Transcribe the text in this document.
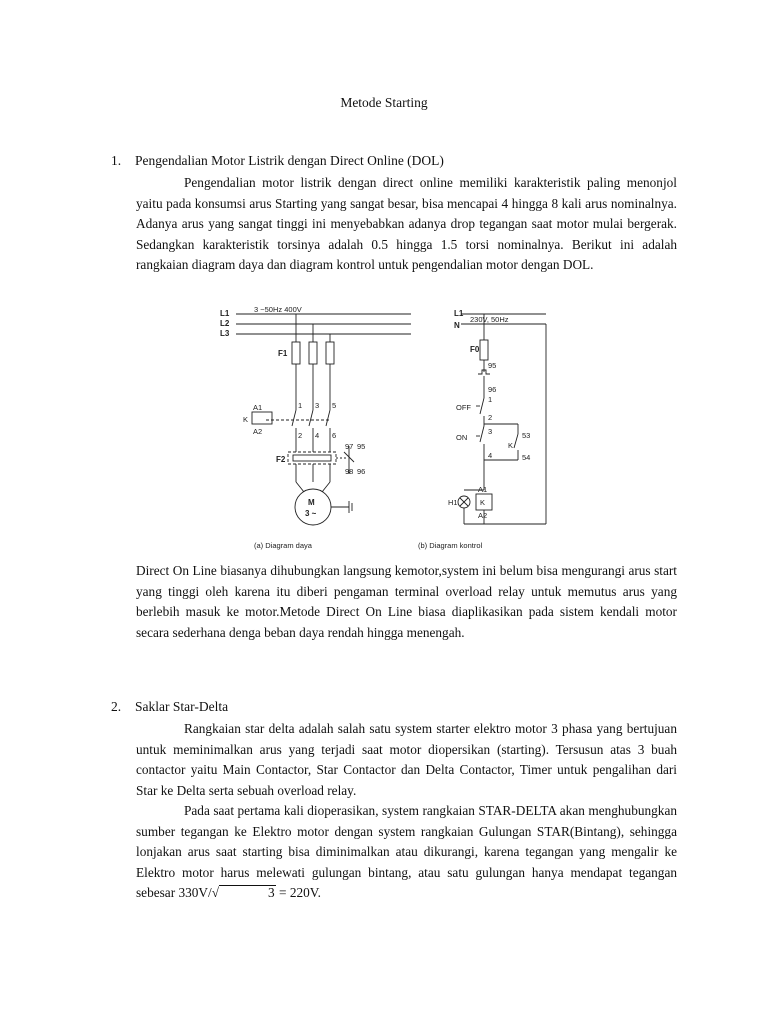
Metode Starting
1. Pengendalian Motor Listrik dengan Direct Online (DOL)

Pengendalian motor listrik dengan direct online memiliki karakteristik paling menonjol yaitu pada konsumsi arus Starting yang sangat besar, bisa mencapai 4 hingga 8 kali arus nominalnya. Adanya arus yang sangat tinggi ini menyebabkan adanya drop tegangan saat motor mulai bergerak. Sedangkan karakteristik torsinya adalah 0.5 hingga 1.5 torsi nominalnya. Berikut ini adalah rangkaian diagram daya dan diagram kontrol untuk pengendalian motor dengan DOL.

L1
L2
L3
3 ~50Hz 400V
F1
1 3 5
2 4 6
A1
A2
K
F2
97 95
98 96
M
3 ~
(a) Diagram daya
L1
N
230V, 50Hz
F0
95
96
1
OFF
2
3
ON
4
53
54
K
A1
A2
H1	K
(b) Diagram kontrol

Direct On Line biasanya dihubungkan langsung kemotor,system ini belum bisa mengurangi arus start yang tinggi oleh karena itu diberi pengaman terminal overload relay untuk memutus arus yang berlebih masuk ke motor.Metode Direct On Line biasa diaplikasikan pada sistem kendali motor secara sederhana denga beban daya rendah hingga menengah.

2. Saklar Star-Delta

Rangkaian star delta adalah salah satu system starter elektro motor 3 phasa yang bertujuan untuk meminimalkan arus yang terjadi saat motor diopersikan (starting). Tersusun atas 3 buah contactor yaitu Main Contactor, Star Contactor dan Delta Contactor, Timer untuk pengalihan dari Star ke Delta serta sebuah overload relay.

Pada saat pertama kali dioperasikan, system rangkaian STAR-DELTA akan menghubungkan sumber tegangan ke Elektro motor dengan system rangkaian Gulungan STAR(Bintang), sehingga lonjakan arus saat starting bisa diminimalkan atau dikurangi, karena tegangan yang mengalir ke Elektro motor harus melewati gulungan bintang, atau satu gulungan hanya mendapat tegangan sebesar 330V/√	3 = 220V.
